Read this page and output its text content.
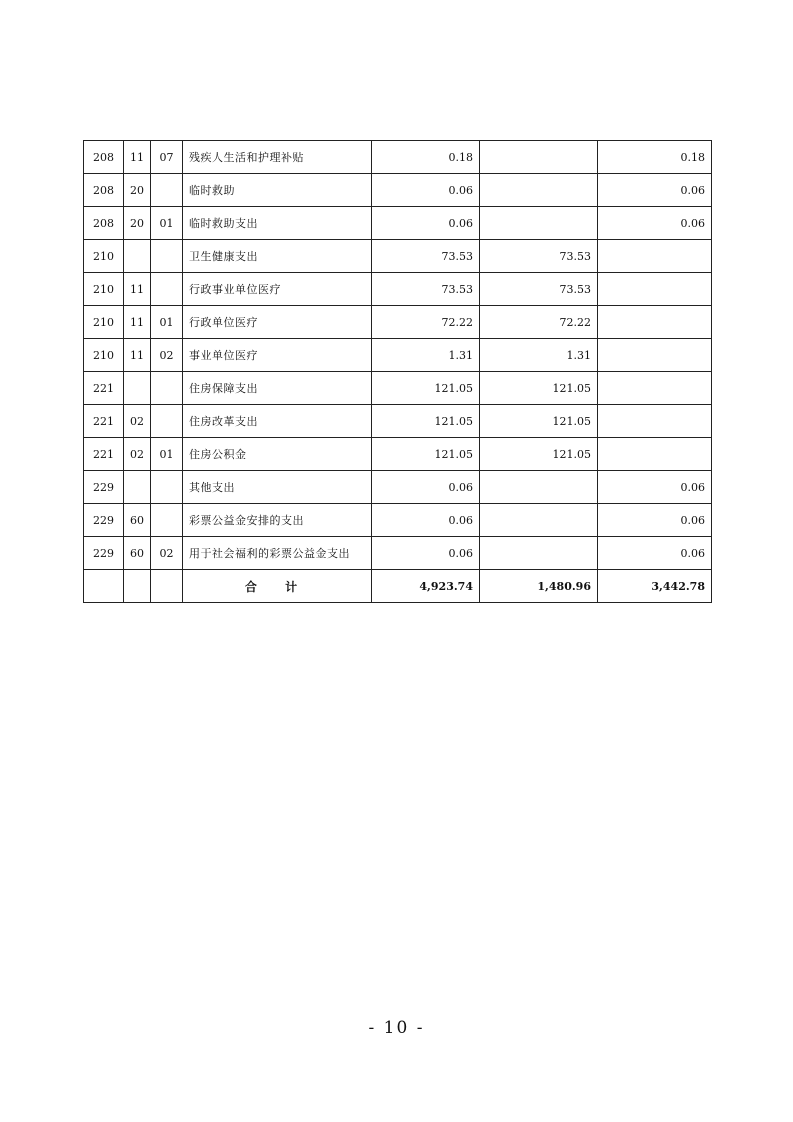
208	11	07	残疾人生活和护理补贴	0.18		0.18
208	20		临时救助	0.06		0.06
208	20	01	临时救助支出	0.06		0.06
210			卫生健康支出	73.53	73.53	
210	11		行政事业单位医疗	73.53	73.53	
210	11	01	行政单位医疗	72.22	72.22	
210	11	02	事业单位医疗	1.31	1.31	
221			住房保障支出	121.05	121.05	
221	02		住房改革支出	121.05	121.05	
221	02	01	住房公积金	121.05	121.05	
229			其他支出	0.06		0.06
229	60		彩票公益金安排的支出	0.06		0.06
229	60	02	用于社会福利的彩票公益金支出	0.06		0.06
			合 计	4,923.74	1,480.96	3,442.78
- 10 -
